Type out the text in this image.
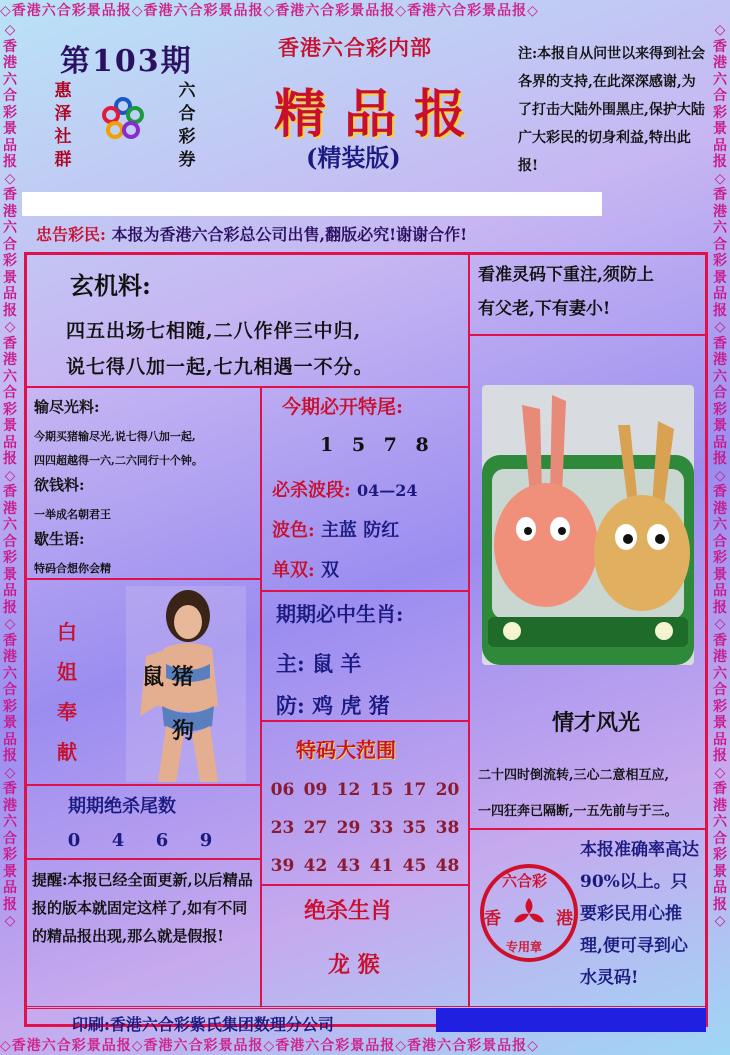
◇香港六合彩景品报◇香港六合彩景品报◇香港六合彩景品报◇香港六合彩景品报◇
◇香港六合彩景品报◇香港六合彩景品报◇香港六合彩景品报◇香港六合彩景品报◇
◇香港六合彩景品报◇香港六合彩景品报◇香港六合彩景品报◇香港六合彩景品报◇香港六合彩景品报◇香港六合彩景品报◇
◇香港六合彩景品报◇香港六合彩景品报◇香港六合彩景品报◇香港六合彩景品报◇香港六合彩景品报◇香港六合彩景品报◇
第103期
惠
泽
社
群
六
合
彩
券
香港六合彩内部
精品报
(精装版)
注:本报自从问世以来得到社会各界的支持,在此深深感谢,为了打击大陆外围黑庄,保护大陆广大彩民的切身利益,特出此报!
忠告彩民: 本报为香港六合彩总公司出售,翻版必究!谢谢合作!
玄机料:
四五出场七相随,二八作伴三中归,
说七得八加一起,七九相遇一不分。
看准灵码下重注,须防上
有父老,下有妻小!
输尽光料:
今期买猪输尽光,说七得八加一起,
四四超越得一六,二六同行十个钟。
欲钱料:
一举成名朝君王
歇生语:
特码合想你会精
今期必开特尾:
1 5 7 8
必杀波段: 04—24
波色: 主蓝 防红
单双: 双
白
姐
奉
献
鼠 猪
狗
期期必中生肖:
主: 鼠 羊
防: 鸡 虎 猪
特码大范围
06 09 12 15 17 20
23 27 29 33 35 38
39 42 43 41 45 48
期期绝杀尾数
0 4 6 9
提醒:本报已经全面更新,以后精品报的版本就固定这样了,如有不同的精品报出现,那么就是假报!
绝杀生肖
龙 猴
情才风光
二十四时倒流转,三心二意相互应,
一四狂奔已隔断,一五先前与于三。
本报准确率高达90%以上。只要彩民用心推理,便可寻到心水灵码!
六合彩
香	港
专用章
印刷:香港六合彩紫氏集团数理分公司
